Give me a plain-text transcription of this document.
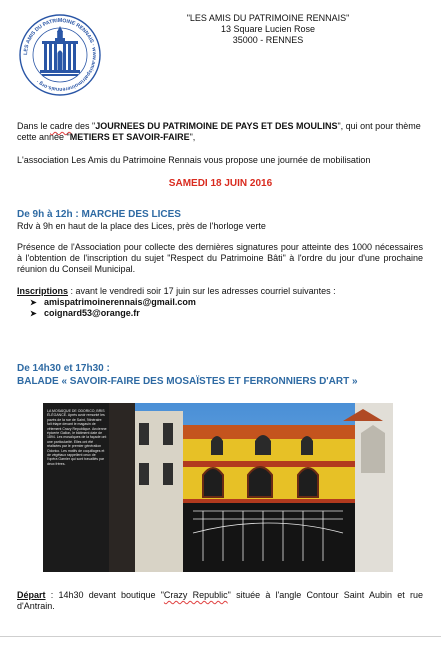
LES AMIS DU PATRIMOINE RENNAIS · www.amispatrimoinerennais.org ·
"LES AMIS DU PATRIMOINE RENNAIS"
13 Square Lucien Rose
35000 - RENNES
Dans le cadre des "JOURNEES DU PATRIMOINE DE PAYS ET DES MOULINS", qui ont pour thème cette année "METIERS ET SAVOIR-FAIRE",
L'association Les Amis du Patrimoine Rennais vous propose une journée de mobilisation
SAMEDI 18 JUIN 2016
De 9h à 12h : MARCHE DES LICES
Rdv à 9h en haut de la place des Lices, près de l'horloge verte
Présence de l'Association pour collecte des dernières signatures pour atteinte des 1000 nécessaires à l'obtention de l'inscription du sujet "Respect du Patrimoine Bâti" à l'ordre du jour d'une prochaine réunion du Conseil Municipal.
Inscriptions : avant le vendredi soir 17 juin sur les adresses courriel suivantes :
➤ amispatrimoinerennais@gmail.com
➤ coignard53@orange.fr
De 14h30 et 17h30 :
BALADE « SAVOIR-FAIRE DES MOSAÏSTES ET FERRONNIERS D'ART »
LA MOSAÏQUE DE ODORICO, BRIS ÉLÉGANCE. Après avoir remonté les pavés de la rue de Saint, l'itinéraire fait étape devant le magasin de vêtement Crazy Republique. Ancienne épicerie Gallon, le bâtiment date de 1894. Les mosaïques de la façade ont une particularité. Elles ont été réalisées par le premier génération Odorico. Les motifs de coquillages et de végétaux rappellent ceux de l'opéra Garnier qui sont travaillés par deux frères.
Départ : 14h30 devant boutique "Crazy Republic" située à l'angle Contour Saint Aubin et rue d'Antrain.
